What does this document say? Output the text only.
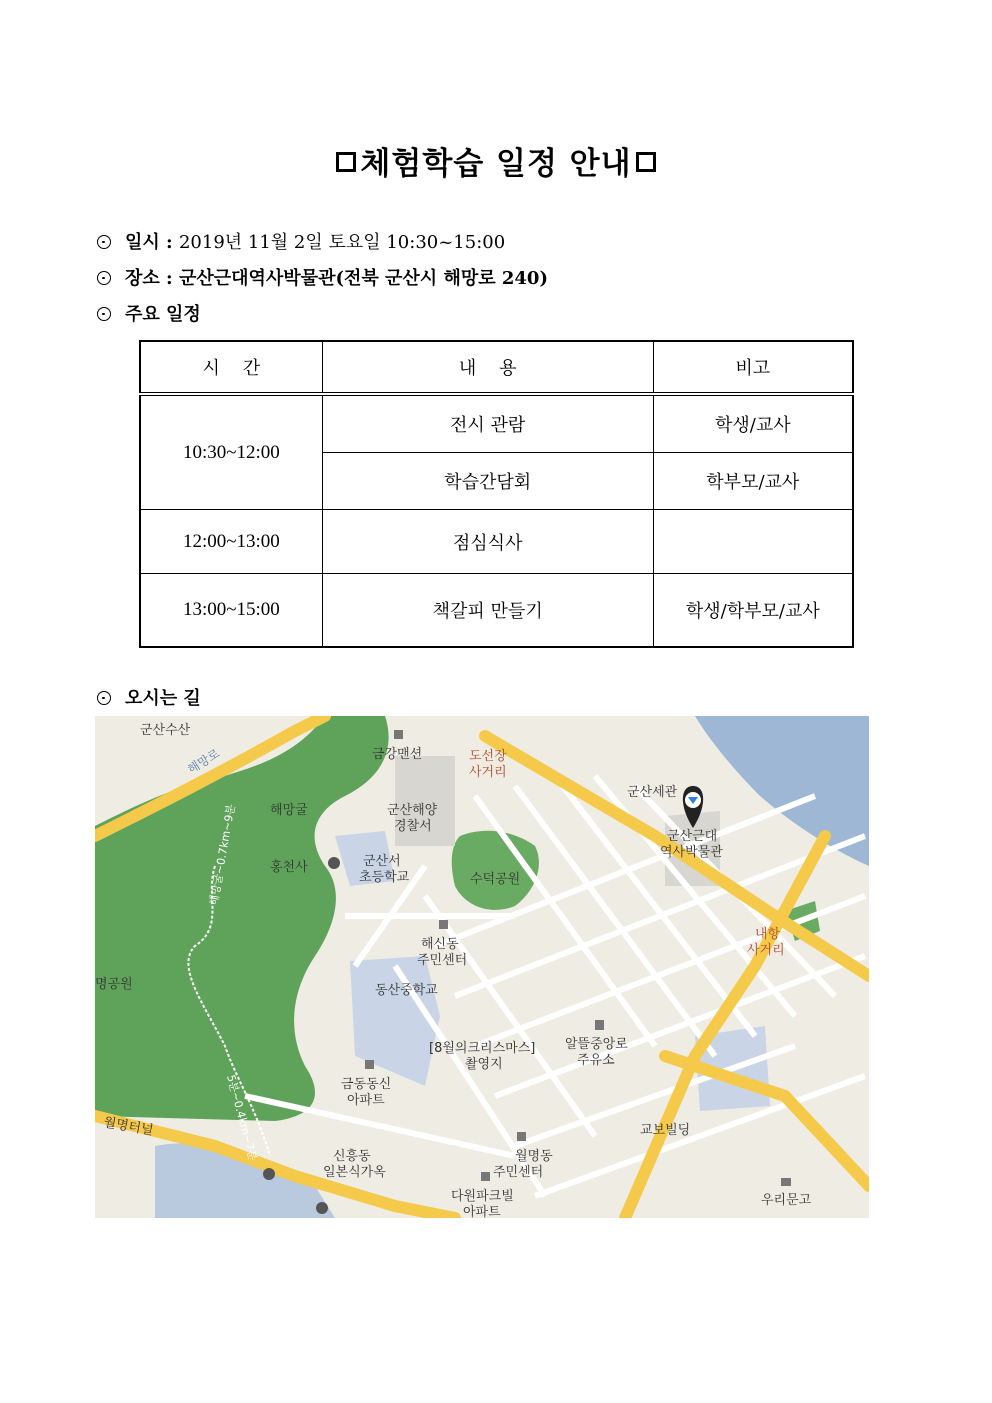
체험학습 일정 안내
일시 : 2019년 11월 2일 토요일 10:30~15:00
장소 : 군산근대역사박물관(전북 군산시 해망로 240)
주요 일정
시    간	내    용	비고
10:30~12:00	전시 관람	학생/교사
	학습간담회	학부모/교사
12:00~13:00	점심식사	
13:00~15:00	책갈피 만들기	학생/학부모/교사
오시는 길
군산수산
해망로	금강맨션	도선장
사거리
해망굴	군산해양
경찰서
군산세관
군산근대
역사박물관
홍천사	군산서
초등학교	수덕공원
해신동
주민센터
내항
사거리
명공원	동산중학교
[8월의크리스마스]
촬영지
알뜰중앙로
주유소
금동동신
아파트
교보빌딩
월명터널
월명동
주민센터
신흥동
일본식가옥
다원파크빌
아파트
우리문고
해망굴~0.7km~9분
5분~0.4km~7분
